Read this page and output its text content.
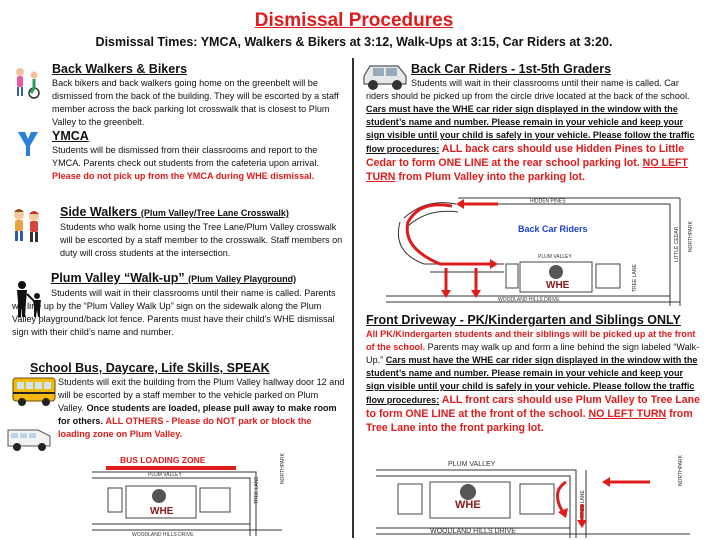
Dismissal Procedures
Dismissal Times: YMCA, Walkers & Bikers at 3:12, Walk-Ups at 3:15, Car Riders at 3:20.
Back Walkers & Bikers
Back bikers and back walkers going home on the greenbelt will be dismissed from the back of the building. They will be escorted by a staff member across the back parking lot crosswalk that is closest to Plum Valley to the greenbelt.
YMCA
Students will be dismissed from their classrooms and report to the YMCA. Parents check out students from the cafeteria upon arrival. Please do not pick up from the YMCA during WHE dismissal.
Side Walkers (Plum Valley/Tree Lane Crosswalk)
Students who walk home using the Tree Lane/Plum Valley crosswalk will be escorted by a staff member to the crosswalk. Staff members on duty will cross students at the intersection.
Plum Valley “Walk-up” (Plum Valley Playground)
Students will wait in their classrooms until their name is called. Parents will line up by the “Plum Valley Walk Up” sign on the sidewalk along the Plum Valley playground/back lot fence. Parents must have their child’s WHE dismissal sign with their child’s name and number.
School Bus, Daycare, Life Skills, SPEAK
Students will exit the building from the Plum Valley hallway door 12 and will be escorted by a staff member to the vehicle parked on Plum Valley. Once students are loaded, please pull away to make room for others. ALL OTHERS - Please do NOT park or block the loading zone on Plum Valley.
BUS LOADING ZONE
PLUM VALLEY
WOODLAND HILLS DRIVE
TREE LANE
NORTHPARK
WHE
Back Car Riders - 1st-5th Graders
Students will wait in their classrooms until their name is called. Car riders should be picked up from the circle drive located at the back of the school. Cars must have the WHE car rider sign displayed in the window with the student’s name and number. Please remain in your vehicle and keep your sign visible until your child is safely in your vehicle. Please follow the traffic flow procedures: ALL back cars should use Hidden Pines to Little Cedar to form ONE LINE at the rear school parking lot. NO LEFT TURN from Plum Valley into the parking lot.
HIDDEN PINES
LITTLE CEDAR
Back Car Riders
WOODLAND HILLS DRIVE
PLUM VALLEY
TREE LANE
NORTHPARK
WHE
Front Driveway - PK/Kindergarten and Siblings ONLY
All PK/Kindergarten students and their siblings will be picked up at the front of the school. Parents may walk up and form a line behind the sign labeled “Walk-Up.” Cars must have the WHE car rider sign displayed in the window with the student’s name and number. Please remain in your vehicle and keep your sign visible until your child is safely in your vehicle. Please follow the traffic flow procedures: ALL front cars should use Plum Valley to Tree Lane to form ONE LINE at the front of the school. NO LEFT TURN from Tree Lane into the front parking lot.
PLUM VALLEY
WOODLAND HILLS DRIVE
TREE LANE
NORTHPARK
WHE
